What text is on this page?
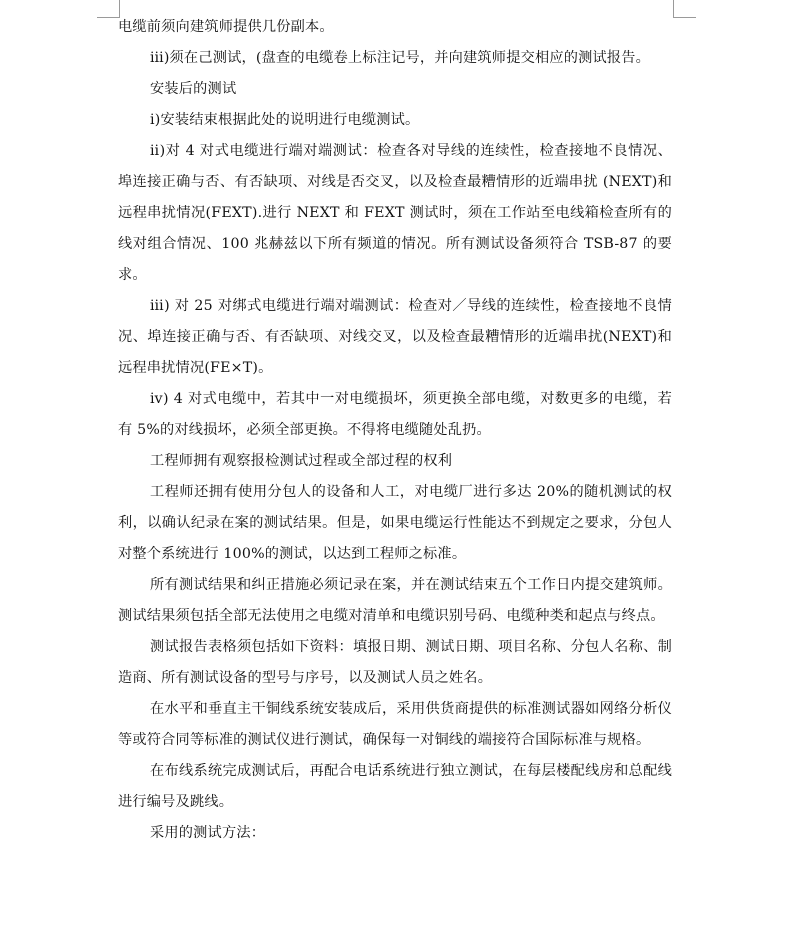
电缆前须向建筑师提供几份副本。

ⅲ)须在己测试，(盘查的电缆卷上标注记号，并向建筑师提交相应的测试报告。

安装后的测试

ⅰ)安装结束根据此处的说明进行电缆测试。

ⅱ)对 4 对式电缆进行端对端测试：检查各对导线的连续性，检查接地不良情况、埠连接正确与否、有否缺项、对线是否交叉，以及检查最糟情形的近端串扰 (NEXT)和远程串扰情况(FEXT).进行 NEXT 和 FEXT 测试时，须在工作站至电线箱检查所有的线对组合情况、100 兆赫兹以下所有频道的情况。所有测试设备须符合 TSB-87 的要求。

ⅲ) 对 25 对绑式电缆进行端对端测试：检查对／导线的连续性，检查接地不良情况、埠连接正确与否、有否缺项、对线交叉，以及检查最糟情形的近端串扰(NEXT)和远程串扰情况(FE×T)。

ⅳ) 4 对式电缆中，若其中一对电缆损坏，须更换全部电缆，对数更多的电缆，若有 5%的对线损坏，必须全部更换。不得将电缆随处乱扔。

工程师拥有观察报检测试过程或全部过程的权利

工程师还拥有使用分包人的设备和人工，对电缆厂进行多达 20%的随机测试的权利，以确认纪录在案的测试结果。但是，如果电缆运行性能达不到规定之要求，分包人对整个系统进行 100%的测试，以达到工程师之标准。

所有测试结果和纠正措施必须记录在案，并在测试结束五个工作日内提交建筑师。测试结果须包括全部无法使用之电缆对清单和电缆识别号码、电缆种类和起点与终点。

测试报告表格须包括如下资料：填报日期、测试日期、项目名称、分包人名称、制造商、所有测试设备的型号与序号，以及测试人员之姓名。

在水平和垂直主干铜线系统安装成后，采用供货商提供的标准测试器如网络分析仪等或符合同等标准的测试仪进行测试，确保每一对铜线的端接符合国际标准与规格。

在布线系统完成测试后，再配合电话系统进行独立测试，在每层楼配线房和总配线进行编号及跳线。

采用的测试方法：
